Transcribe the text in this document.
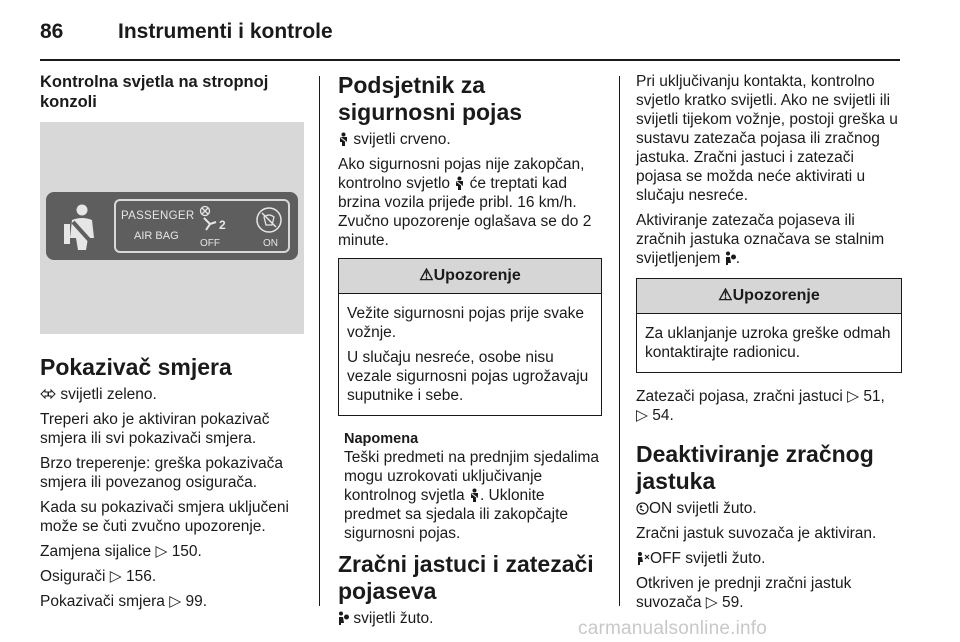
86	Instrumenti i kontrole
Kontrolna svjetla na stropnoj konzoli
PASSENGER
AIR BAG
2
OFF	ON
Pokazivač smjera

svijetli zeleno.

Treperi ako je aktiviran pokazivač smjera ili svi pokazivači smjera.

Brzo treperenje: greška pokazivača smjera ili povezanog osigurača.

Kada su pokazivači smjera uključeni može se čuti zvučno upozorenje.

Zamjena sijalice ▷ 150.

Osigurači ▷ 156.

Pokazivači smjera ▷ 99.

Podsjetnik za sigurnosni pojas

svijetli crveno.

Ako sigurnosni pojas nije zakopčan, kontrolno svjetlo će treptati kad brzina vozila prijeđe pribl. 16 km/h. Zvučno upozorenje oglašava se do 2 minute.

⚠Upozorenje

Vežite sigurnosni pojas prije svake vožnje.

U slučaju nesreće, osobe nisu vezale sigurnosni pojas ugrožavaju suputnike i sebe.

Napomena

Teški predmeti na prednjim sjedalima mogu uzrokovati uključivanje kontrolnog svjetla . Uklonite predmet sa sjedala ili zakopčajte sigurnosni pojas.

Zračni jastuci i zatezači pojaseva

svijetli žuto.

Pri uključivanju kontakta, kontrolno svjetlo kratko svijetli. Ako ne svijetli ili svijetli tijekom vožnje, postoji greška u sustavu zatezača pojasa ili zračnog jastuka. Zračni jastuci i zatezači pojasa se možda neće aktivirati u slučaju nesreće.

Aktiviranje zatezača pojaseva ili zračnih jastuka označava se stalnim svijetljenjem .

⚠Upozorenje

Za uklanjanje uzroka greške odmah kontaktirajte radionicu.

Zatezači pojasa, zračni jastuci ▷ 51,
▷ 54.

Deaktiviranje zračnog jastuka

ON svijetli žuto.

Zračni jastuk suvozača je aktiviran.

OFF svijetli žuto.

Otkriven je prednji zračni jastuk suvozača ▷ 59.

carmanualsonline.info
